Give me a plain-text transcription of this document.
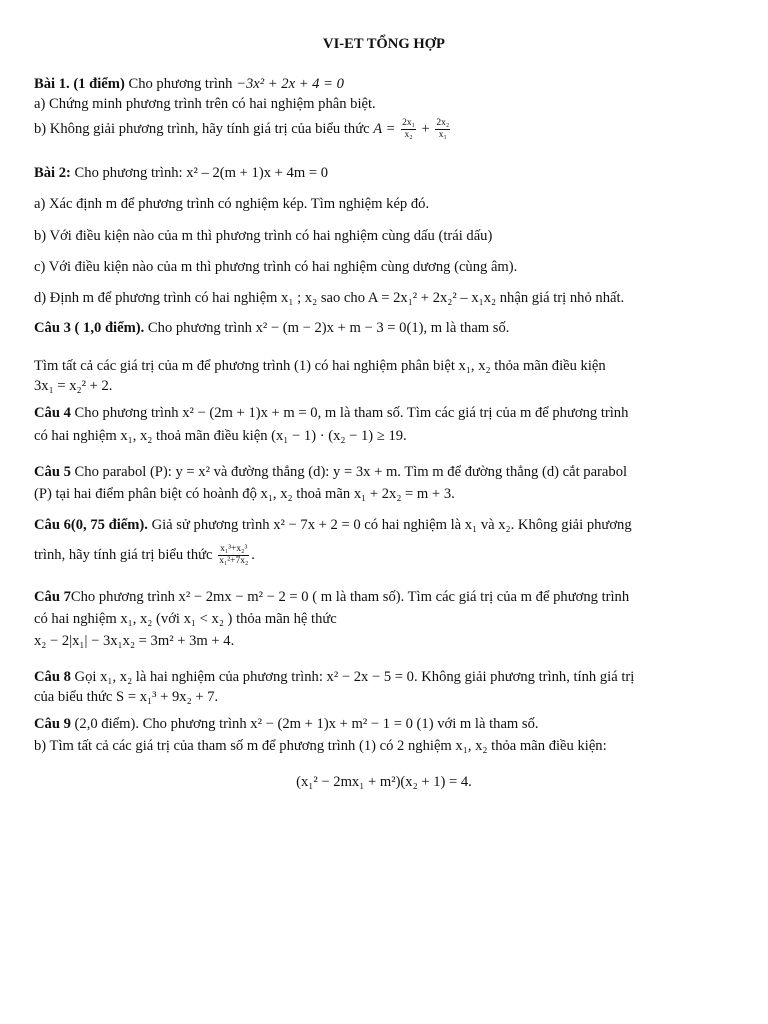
VI-ET TỔNG HỢP
Bài 1. (1 điểm) Cho phương trình −3x² + 2x + 4 = 0
a) Chứng minh phương trình trên có hai nghiệm phân biệt.
b) Không giải phương trình, hãy tính giá trị của biểu thức $A = \frac{\text{2x₁}}{\text{x₂}} + \frac{\text{2x₂}}{\text{x₁}}$
Bài 2: Cho phương trình: x² – 2(m + 1)x + 4m = 0
a) Xác định m để phương trình có nghiệm kép. Tìm nghiệm kép đó.
b) Với điều kiện nào của m thì phương trình có hai nghiệm cùng dấu (trái dấu)
c) Với điều kiện nào của m thì phương trình có hai nghiệm cùng dương (cùng âm).
d) Định m để phương trình có hai nghiệm x₁ ; x₂ sao cho A = 2x₁² + 2x₂² – x₁x₂ nhận giá trị nhỏ nhất.
Câu 3 ( 1,0 điểm). Cho phương trình x² − (m − 2)x + m − 3 = 0(1), m là tham số.
Tìm tất cả các giá trị của m để phương trình (1) có hai nghiệm phân biệt x₁, x₂ thỏa mãn điều kiện
3x₁ = x₂² + 2.
Câu 4 Cho phương trình x² − (2m + 1)x + m = 0, m là tham số. Tìm các giá trị của m để phương trình
có hai nghiệm x₁, x₂ thoả mãn điều kiện (x₁ − 1) · (x₂ − 1) ≥ 19.
Câu 5 Cho parabol (P): y = x² và đường thẳng (d): y = 3x + m. Tìm m để đường thẳng (d) cắt parabol
(P) tại hai điểm phân biệt có hoành độ x₁, x₂ thoả mãn x₁ + 2x₂ = m + 3.
Câu 6(0, 75 điểm). Giả sử phương trình x² − 7x + 2 = 0 có hai nghiệm là x₁ và x₂. Không giải phương
trình, hãy tính giá trị biểu thức $\frac{\text{x₁³+x₂³}}{\text{x₁²+7x₂}}$ .
Câu 7Cho phương trình x² − 2mx − m² − 2 = 0 ( m là tham số). Tìm các giá trị của m để phương trình
có hai nghiệm x₁, x₂ (với x₁ < x₂ ) thỏa mãn hệ thức
x₂ − 2|x₁| − 3x₁x₂ = 3m² + 3m + 4.
Câu 8 Gọi x₁, x₂ là hai nghiệm của phương trình: x² − 2x − 5 = 0. Không giải phương trình, tính giá trị
của biểu thức S = x₁³ + 9x₂ + 7.
Câu 9 (2,0 điểm). Cho phương trình x² − (2m + 1)x + m² − 1 = 0 (1) với m là tham số.
b) Tìm tất cả các giá trị của tham số m để phương trình (1) có 2 nghiệm x₁, x₂ thỏa mãn điều kiện:
(x₁² − 2mx₁ + m²)(x₂ + 1) = 4.
